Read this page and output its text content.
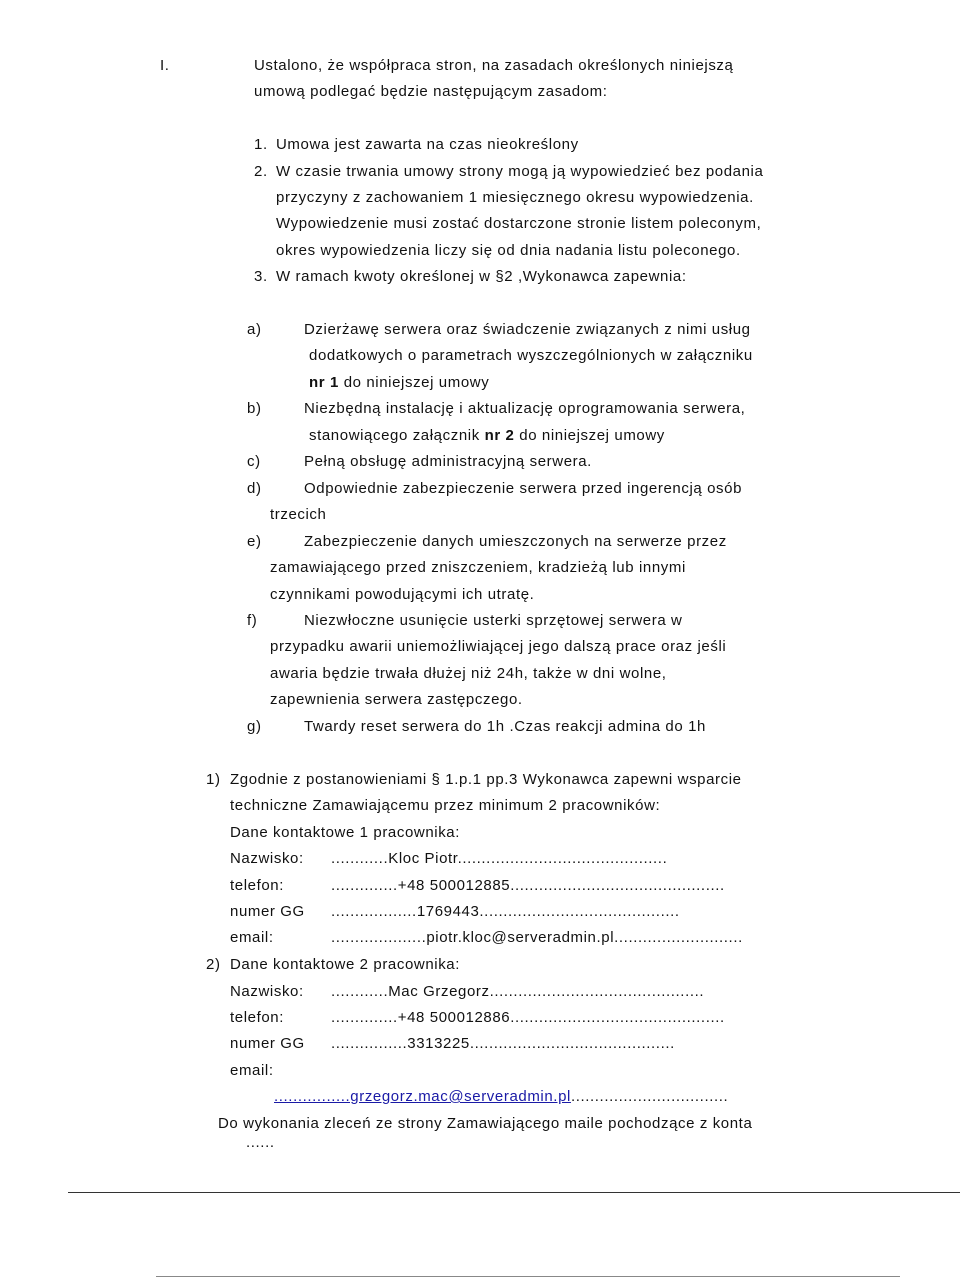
I.	Ustalono, że współpraca stron, na zasadach określonych niniejszą
umową podlegać będzie następującym zasadom:
1. Umowa jest zawarta na czas nieokreślony
2. W czasie trwania umowy strony mogą ją wypowiedzieć bez podania
przyczyny z zachowaniem 1 miesięcznego okresu wypowiedzenia.
Wypowiedzenie musi zostać dostarczone stronie listem poleconym,
okres wypowiedzenia liczy się od dnia nadania listu poleconego.
3. W ramach kwoty określonej w §2 ,Wykonawca zapewnia:
a)	Dzierżawę serwera oraz świadczenie związanych z nimi usług
dodatkowych o parametrach wyszczególnionych w załączniku
nr 1 do niniejszej umowy
b)	Niezbędną instalację i aktualizację oprogramowania serwera,
stanowiącego załącznik nr 2 do niniejszej umowy
c)	Pełną obsługę administracyjną serwera.
d)	Odpowiednie zabezpieczenie serwera przed ingerencją osób
trzecich
e)	Zabezpieczenie danych umieszczonych na serwerze przez
zamawiającego przed zniszczeniem, kradzieżą lub innymi
czynnikami powodującymi ich utratę.
f)	Niezwłoczne usunięcie usterki sprzętowej serwera w
przypadku awarii uniemożliwiającej jego dalszą prace oraz jeśli
awaria będzie trwała dłużej niż 24h, także w dni wolne,
zapewnienia serwera zastępczego.
g)	Twardy reset serwera do 1h .Czas reakcji admina do 1h
1) Zgodnie z postanowieniami § 1.p.1 pp.3 Wykonawca zapewni wsparcie
techniczne Zamawiającemu przez minimum 2 pracowników:
Dane kontaktowe 1 pracownika:
Nazwisko: ............Kloc Piotr............................................
telefon:	..............+48 500012885.............................................
numer GG ..................1769443..........................................
email:	....................piotr.kloc@serveradmin.pl...........................
2) Dane kontaktowe 2 pracownika:
Nazwisko: ............Mac Grzegorz.............................................
telefon:	..............+48 500012886.............................................
numer GG ................3313225...........................................
email:
................grzegorz.mac@serveradmin.pl.................................
Do wykonania zleceń ze strony Zamawiającego maile pochodzące z konta
......
